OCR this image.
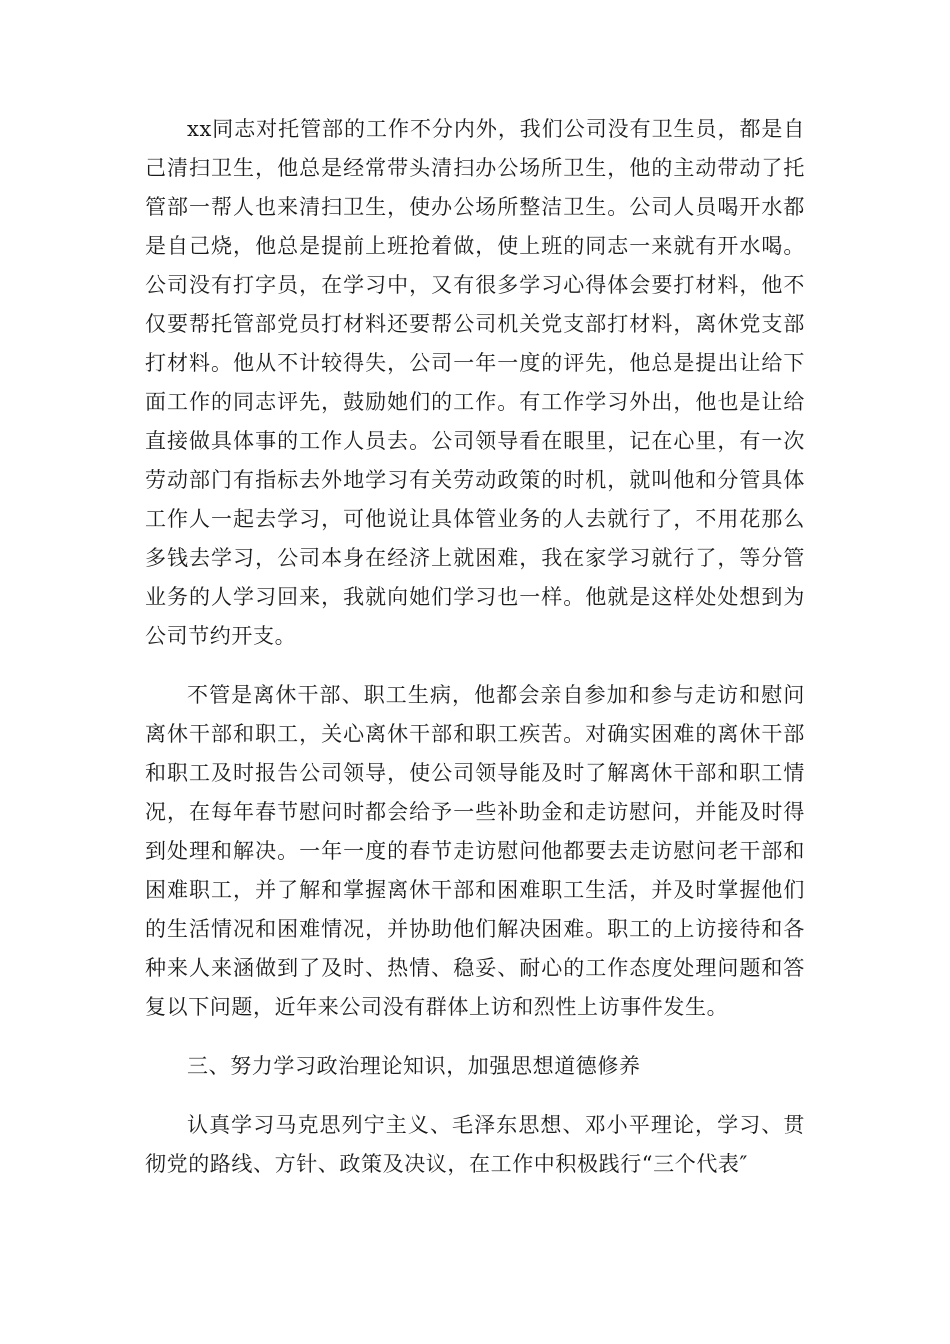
xx同志对托管部的工作不分内外，我们公司没有卫生员，都是自己清扫卫生，他总是经常带头清扫办公场所卫生，他的主动带动了托管部一帮人也来清扫卫生，使办公场所整洁卫生。公司人员喝开水都是自己烧，他总是提前上班抢着做，使上班的同志一来就有开水喝。公司没有打字员，在学习中，又有很多学习心得体会要打材料，他不仅要帮托管部党员打材料还要帮公司机关党支部打材料，离休党支部打材料。他从不计较得失，公司一年一度的评先，他总是提出让给下面工作的同志评先，鼓励她们的工作。有工作学习外出，他也是让给直接做具体事的工作人员去。公司领导看在眼里，记在心里，有一次劳动部门有指标去外地学习有关劳动政策的时机，就叫他和分管具体工作人一起去学习，可他说让具体管业务的人去就行了，不用花那么多钱去学习，公司本身在经济上就困难，我在家学习就行了，等分管业务的人学习回来，我就向她们学习也一样。他就是这样处处想到为公司节约开支。

不管是离休干部、职工生病，他都会亲自参加和参与走访和慰问离休干部和职工，关心离休干部和职工疾苦。对确实困难的离休干部和职工及时报告公司领导，使公司领导能及时了解离休干部和职工情况，在每年春节慰问时都会给予一些补助金和走访慰问，并能及时得到处理和解决。一年一度的春节走访慰问他都要去走访慰问老干部和困难职工，并了解和掌握离休干部和困难职工生活，并及时掌握他们的生活情况和困难情况，并协助他们解决困难。职工的上访接待和各种来人来涵做到了及时、热情、稳妥、耐心的工作态度处理问题和答复以下问题，近年来公司没有群体上访和烈性上访事件发生。

三、努力学习政治理论知识，加强思想道德修养

认真学习马克思列宁主义、毛泽东思想、邓小平理论，学习、贯彻党的路线、方针、政策及决议，在工作中积极践行“三个代表″
